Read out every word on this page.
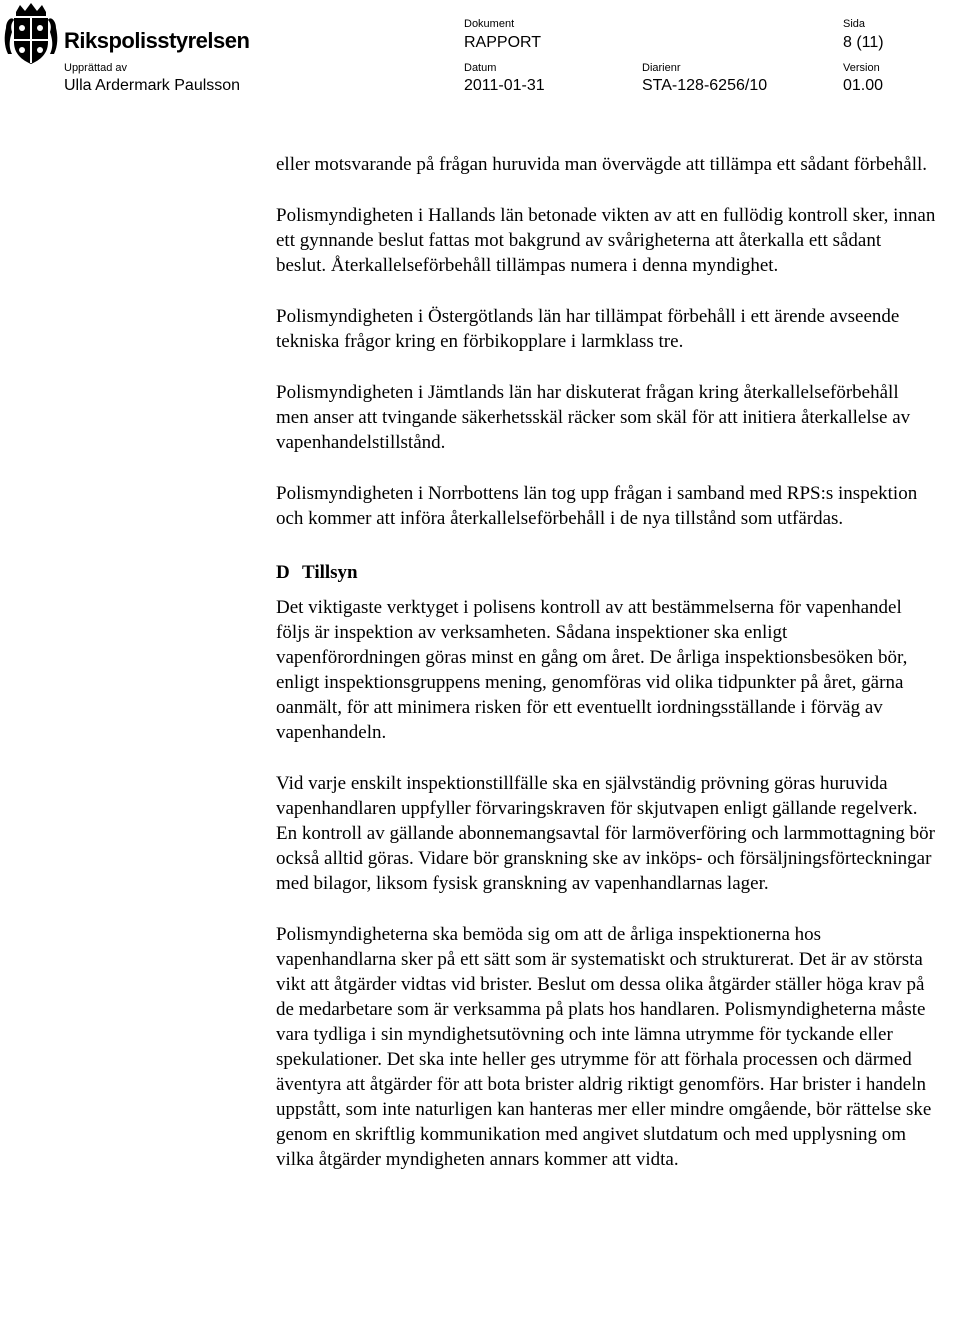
Rikspolisstyrelsen
Dokument
RAPPORT
Sida
8 (11)
Upprättad av
Ulla Ardermark Paulsson
Datum
2011-01-31
Diarienr
STA-128-6256/10
Version
01.00

eller motsvarande på frågan huruvida man övervägde att tillämpa ett sådant förbehåll.

Polismyndigheten i Hallands län betonade vikten av att en fullödig kontroll sker, innan ett gynnande beslut fattas mot bakgrund av svårigheterna att återkalla ett sådant beslut. Återkallelseförbehåll tillämpas numera i denna myndighet.

Polismyndigheten i Östergötlands län har tillämpat förbehåll i ett ärende avseende tekniska frågor kring en förbikopplare i larmklass tre.

Polismyndigheten i Jämtlands län har diskuterat frågan kring återkallelseförbehåll men anser att tvingande säkerhetsskäl räcker som skäl för att initiera återkallelse av vapenhandelstillstånd.

Polismyndigheten i Norrbottens län tog upp frågan i samband med RPS:s inspektion och kommer att införa återkallelseförbehåll i de nya tillstånd som utfärdas.

D Tillsyn

Det viktigaste verktyget i polisens kontroll av att bestämmelserna för vapenhandel följs är inspektion av verksamheten. Sådana inspektioner ska enligt vapenförordningen göras minst en gång om året. De årliga inspektionsbesöken bör, enligt inspektionsgruppens mening, genomföras vid olika tidpunkter på året, gärna oanmält, för att minimera risken för ett eventuellt iordningsställande i förväg av vapenhandeln.

Vid varje enskilt inspektionstillfälle ska en självständig prövning göras huruvida vapenhandlaren uppfyller förvaringskraven för skjutvapen enligt gällande regelverk. En kontroll av gällande abonnemangsavtal för larmöverföring och larmmottagning bör också alltid göras. Vidare bör granskning ske av inköps- och försäljningsförteckningar med bilagor, liksom fysisk granskning av vapenhandlarnas lager.

Polismyndigheterna ska bemöda sig om att de årliga inspektionerna hos vapenhandlarna sker på ett sätt som är systematiskt och strukturerat. Det är av största vikt att åtgärder vidtas vid brister. Beslut om dessa olika åtgärder ställer höga krav på de medarbetare som är verksamma på plats hos handlaren. Polismyndigheterna måste vara tydliga i sin myndighetsutövning och inte lämna utrymme för tyckande eller spekulationer. Det ska inte heller ges utrymme för att förhala processen och därmed äventyra att åtgärder för att bota brister aldrig riktigt genomförs. Har brister i handeln uppstått, som inte naturligen kan hanteras mer eller mindre omgående, bör rättelse ske genom en skriftlig kommunikation med angivet slutdatum och med upplysning om vilka åtgärder myndigheten annars kommer att vidta.
